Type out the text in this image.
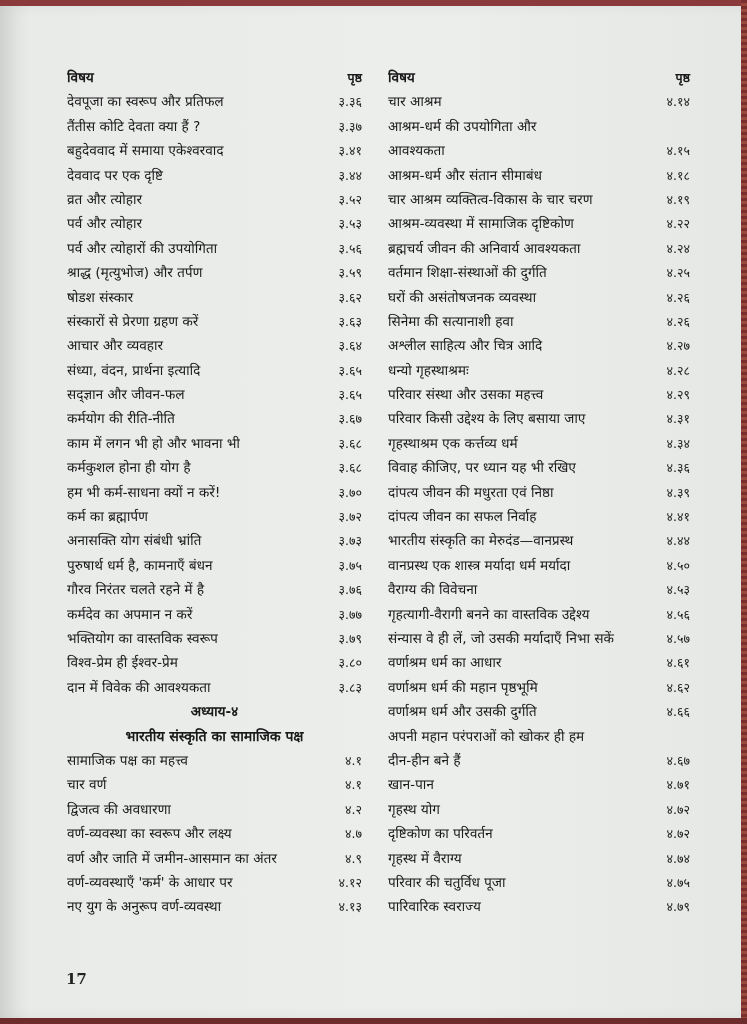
विषय	पृष्ठ
देवपूजा का स्वरूप और प्रतिफल	३.३६
तैंतीस कोटि देवता क्या हैं ?	३.३७
बहुदेववाद में समाया एकेश्वरवाद	३.४१
देववाद पर एक दृष्टि	३.४४
व्रत और त्योहार	३.५२
पर्व और त्योहार	३.५३
पर्व और त्योहारों की उपयोगिता	३.५६
श्राद्ध (मृत्युभोज) और तर्पण	३.५९
षोडश संस्कार	३.६२
संस्कारों से प्रेरणा ग्रहण करें	३.६३
आचार और व्यवहार	३.६४
संध्या, वंदन, प्रार्थना इत्यादि	३.६५
सद्ज्ञान और जीवन-फल	३.६५
कर्मयोग की रीति-नीति	३.६७
काम में लगन भी हो और भावना भी	३.६८
कर्मकुशल होना ही योग है	३.६८
हम भी कर्म-साधना क्यों न करें!	३.७०
कर्म का ब्रह्मार्पण	३.७२
अनासक्ति योग संबंधी भ्रांति	३.७३
पुरुषार्थ धर्म है, कामनाएँ बंधन	३.७५
गौरव निरंतर चलते रहने में है	३.७६
कर्मदेव का अपमान न करें	३.७७
भक्तियोग का वास्तविक स्वरूप	३.७९
विश्व-प्रेम ही ईश्वर-प्रेम	३.८०
दान में विवेक की आवश्यकता	३.८३
अध्याय-४
भारतीय संस्कृति का सामाजिक पक्ष
सामाजिक पक्ष का महत्त्व	४.१
चार वर्ण	४.१
द्विजत्व की अवधारणा	४.२
वर्ण-व्यवस्था का स्वरूप और लक्ष्य	४.७
वर्ण और जाति में जमीन-आसमान का अंतर	४.९
वर्ण-व्यवस्थाएँ 'कर्म' के आधार पर	४.१२
नए युग के अनुरूप वर्ण-व्यवस्था	४.१३
विषय	पृष्ठ
चार आश्रम	४.१४
आश्रम-धर्म की उपयोगिता और
आवश्यकता	४.१५
आश्रम-धर्म और संतान सीमाबंध	४.१८
चार आश्रम व्यक्तित्व-विकास के चार चरण	४.१९
आश्रम-व्यवस्था में सामाजिक दृष्टिकोण	४.२२
ब्रह्मचर्य जीवन की अनिवार्य आवश्यकता	४.२४
वर्तमान शिक्षा-संस्थाओं की दुर्गति	४.२५
घरों की असंतोषजनक व्यवस्था	४.२६
सिनेमा की सत्यानाशी हवा	४.२६
अश्लील साहित्य और चित्र आदि	४.२७
धन्यो गृहस्थाश्रमः	४.२८
परिवार संस्था और उसका महत्त्व	४.२९
परिवार किसी उद्देश्य के लिए बसाया जाए	४.३१
गृहस्थाश्रम एक कर्त्तव्य धर्म	४.३४
विवाह कीजिए, पर ध्यान यह भी रखिए	४.३६
दांपत्य जीवन की मधुरता एवं निष्ठा	४.३९
दांपत्य जीवन का सफल निर्वाह	४.४१
भारतीय संस्कृति का मेरुदंड—वानप्रस्थ	४.४४
वानप्रस्थ एक शास्त्र मर्यादा धर्म मर्यादा	४.५०
वैराग्य की विवेचना	४.५३
गृहत्यागी-वैरागी बनने का वास्तविक उद्देश्य	४.५६
संन्यास वे ही लें, जो उसकी मर्यादाएँ निभा सकें	४.५७
वर्णाश्रम धर्म का आधार	४.६१
वर्णाश्रम धर्म की महान पृष्ठभूमि	४.६२
वर्णाश्रम धर्म और उसकी दुर्गति	४.६६
अपनी महान परंपराओं को खोकर ही हम
दीन-हीन बने हैं	४.६७
खान-पान	४.७१
गृहस्थ योग	४.७२
दृष्टिकोण का परिवर्तन	४.७२
गृहस्थ में वैराग्य	४.७४
परिवार की चतुर्विध पूजा	४.७५
पारिवारिक स्वराज्य	४.७९
17
